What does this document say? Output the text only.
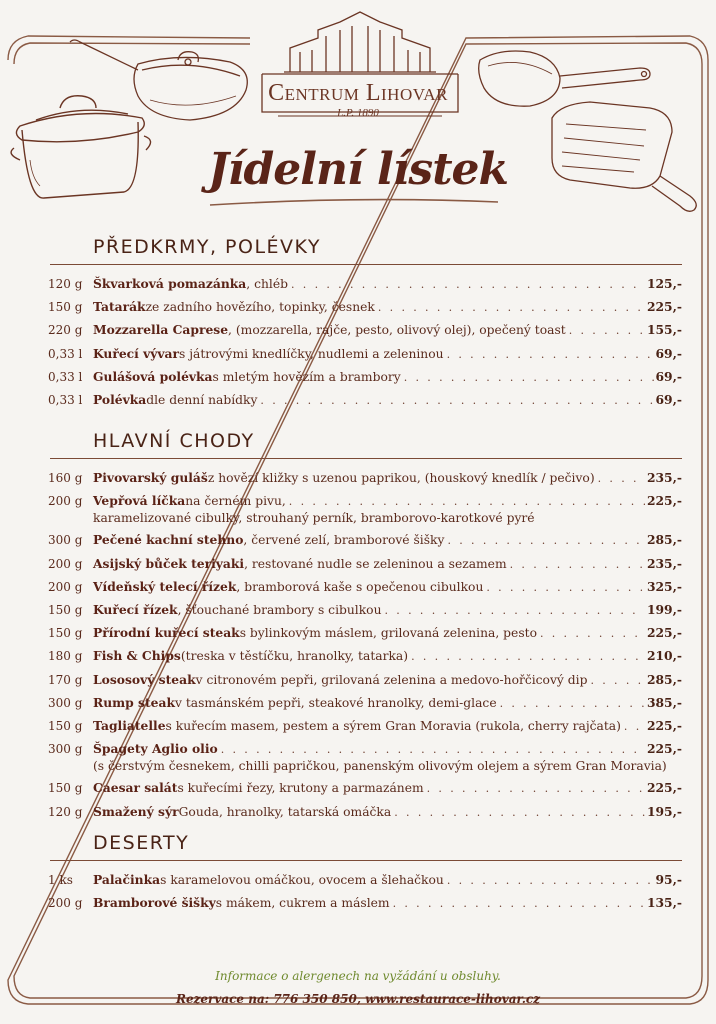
Centrum Lihovar
L.P. 1890
Jídelní lístek
PŘEDKRMY, POLÉVKY
120 g Škvarková pomazánka , chléb . . .	125,-
150 g Tatarák ze zadního hovězího, topinky, česnek . . .	225,-
220 g Mozzarella Caprese , (mozzarella, rajče, pesto, olivový olej), opečený toast . . .	155,-
0,33 l Kuřecí vývar s játrovými knedlíčky, nudlemi a zeleninou . . .	69,-
0,33 l Gulášová polévka s mletým hovězím a brambory . . .	69,-
0,33 l Polévka dle denní nabídky . . .	69,-
HLAVNÍ CHODY
160 g Pivovarský guláš z hovězí kližky s uzenou paprikou, (houskový knedlík / pečivo) . . .	235,-
200 g Vepřová líčka na černém pivu, . . .	225,-
karamelizované cibulky, strouhaný perník, bramborovo-karotkové pyré
300 g Pečené kachní stehno , červené zelí, bramborové šišky . . .	285,-
200 g Asijský bůček teriyaki , restované nudle se zeleninou a sezamem . . .	235,-
200 g Vídeňský telecí řízek , bramborová kaše s opečenou cibulkou . . .	325,-
150 g Kuřecí řízek , šťouchané brambory s cibulkou . . .	199,-
150 g Přírodní kuřecí steak s bylinkovým máslem, grilovaná zelenina, pesto . . .	225,-
180 g Fish & Chips (treska v těstíčku, hranolky, tatarka) . . .	210,-
170 g Lososový steak v citronovém pepři, grilovaná zelenina a medovo-hořčicový dip . . .	285,-
300 g Rump steak v tasmánském pepři, steakové hranolky, demi-glace . . .	385,-
150 g Tagliatelle s kuřecím masem, pestem a sýrem Gran Moravia (rukola, cherry rajčata) . . . 225,-
300 g Špagety Aglio olio . . .	225,-
(s čerstvým česnekem, chilli papričkou, panenským olivovým olejem a sýrem Gran Moravia)
150 g Caesar salát s kuřecími řezy, krutony a parmazánem . . .	225,-
120 g Smažený sýr Gouda, hranolky, tatarská omáčka . . .	195,-
DESERTY
1 ks	Palačinka s karamelovou omáčkou, ovocem a šlehačkou . . .	95,-
200 g Bramborové šišky s mákem, cukrem a máslem . . .	135,-
Informace o alergenech na vyžádání u obsluhy.
Rezervace na: 776 350 850, www.restaurace-lihovar.cz
